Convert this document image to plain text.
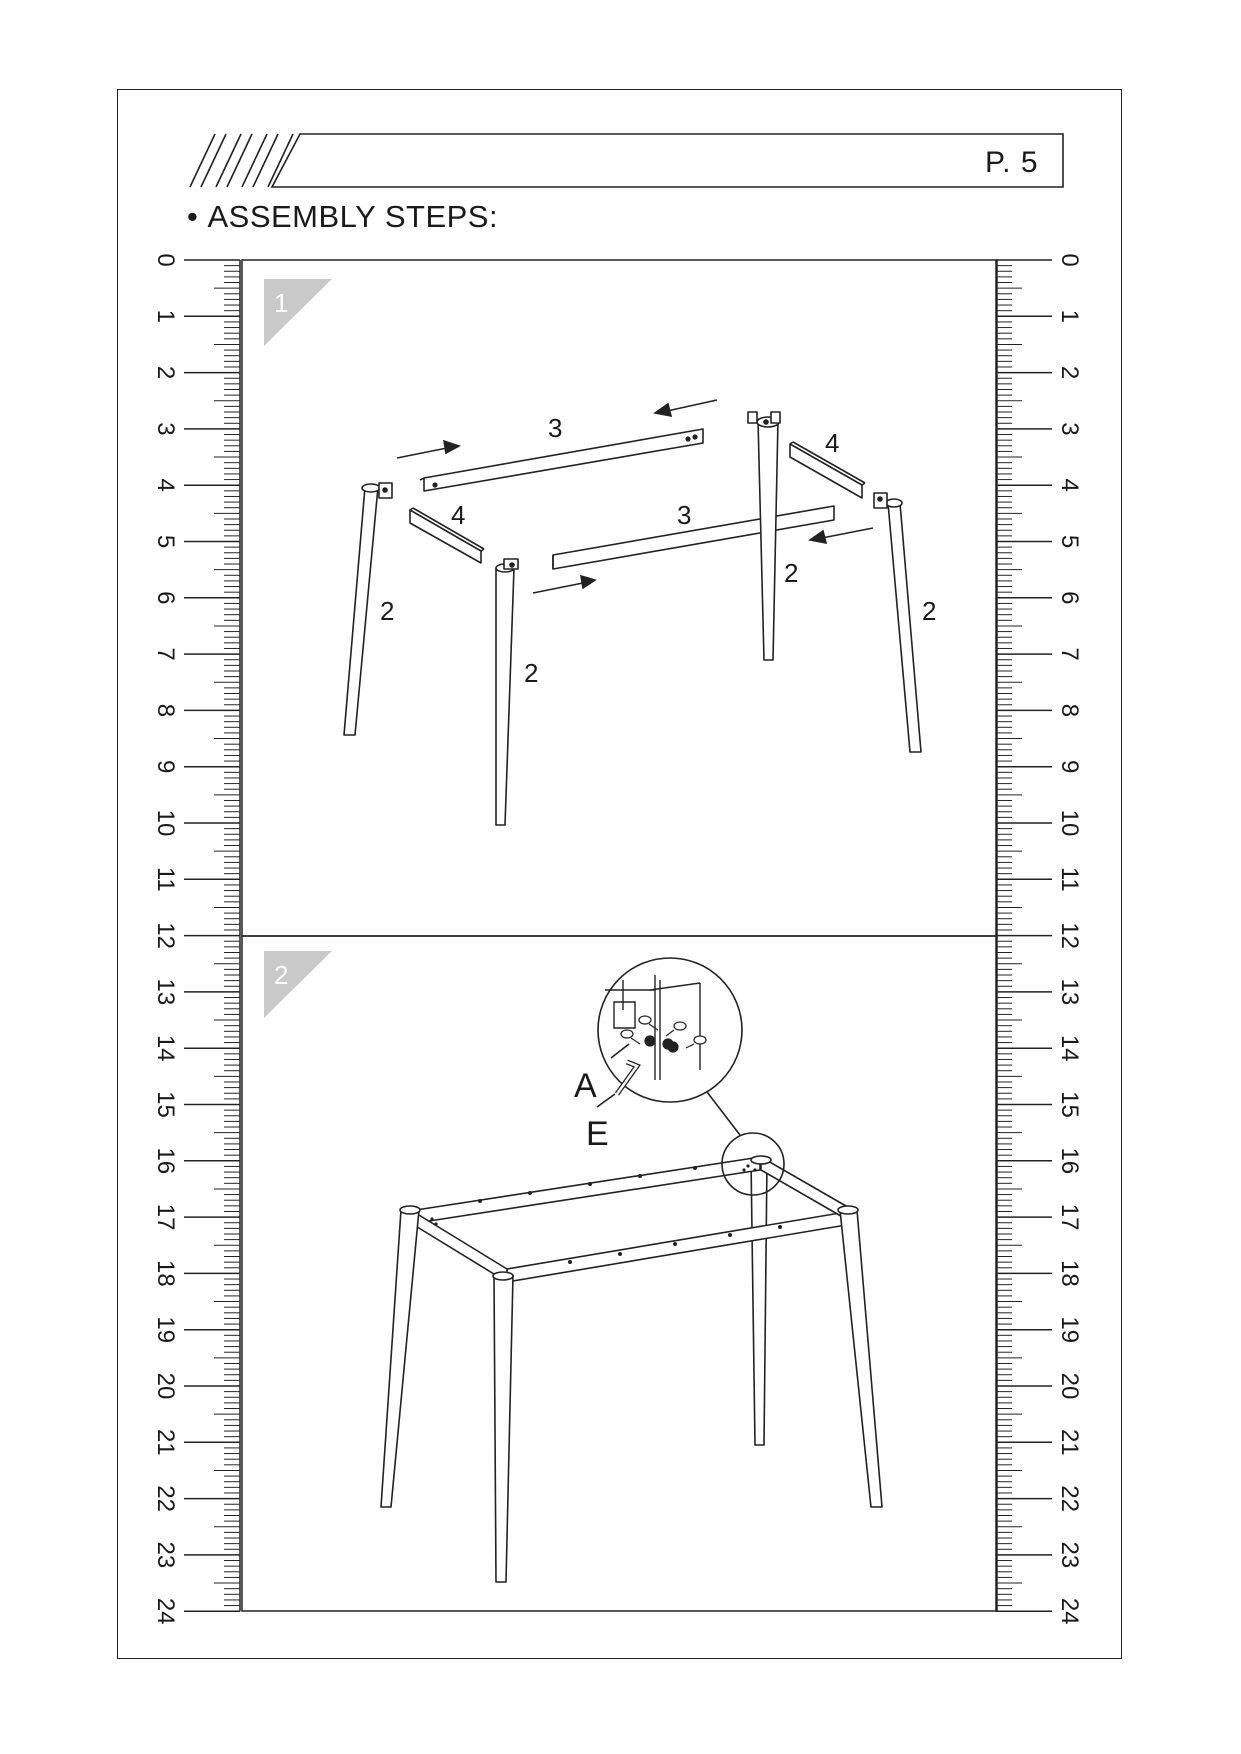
P. 5
• ASSEMBLY STEPS:
0
1
2
3
4
5
6
7
8
9
10
11
12
13
14
15
16
17
18
19
20
21
22
23
24
0
1
2
3
4
5
6
7
8
9
10
11
12
13
14
15
16
17
18
19
20
21
22
23
24
1
2
3
3
4
4
2
2
2
2
A
E
